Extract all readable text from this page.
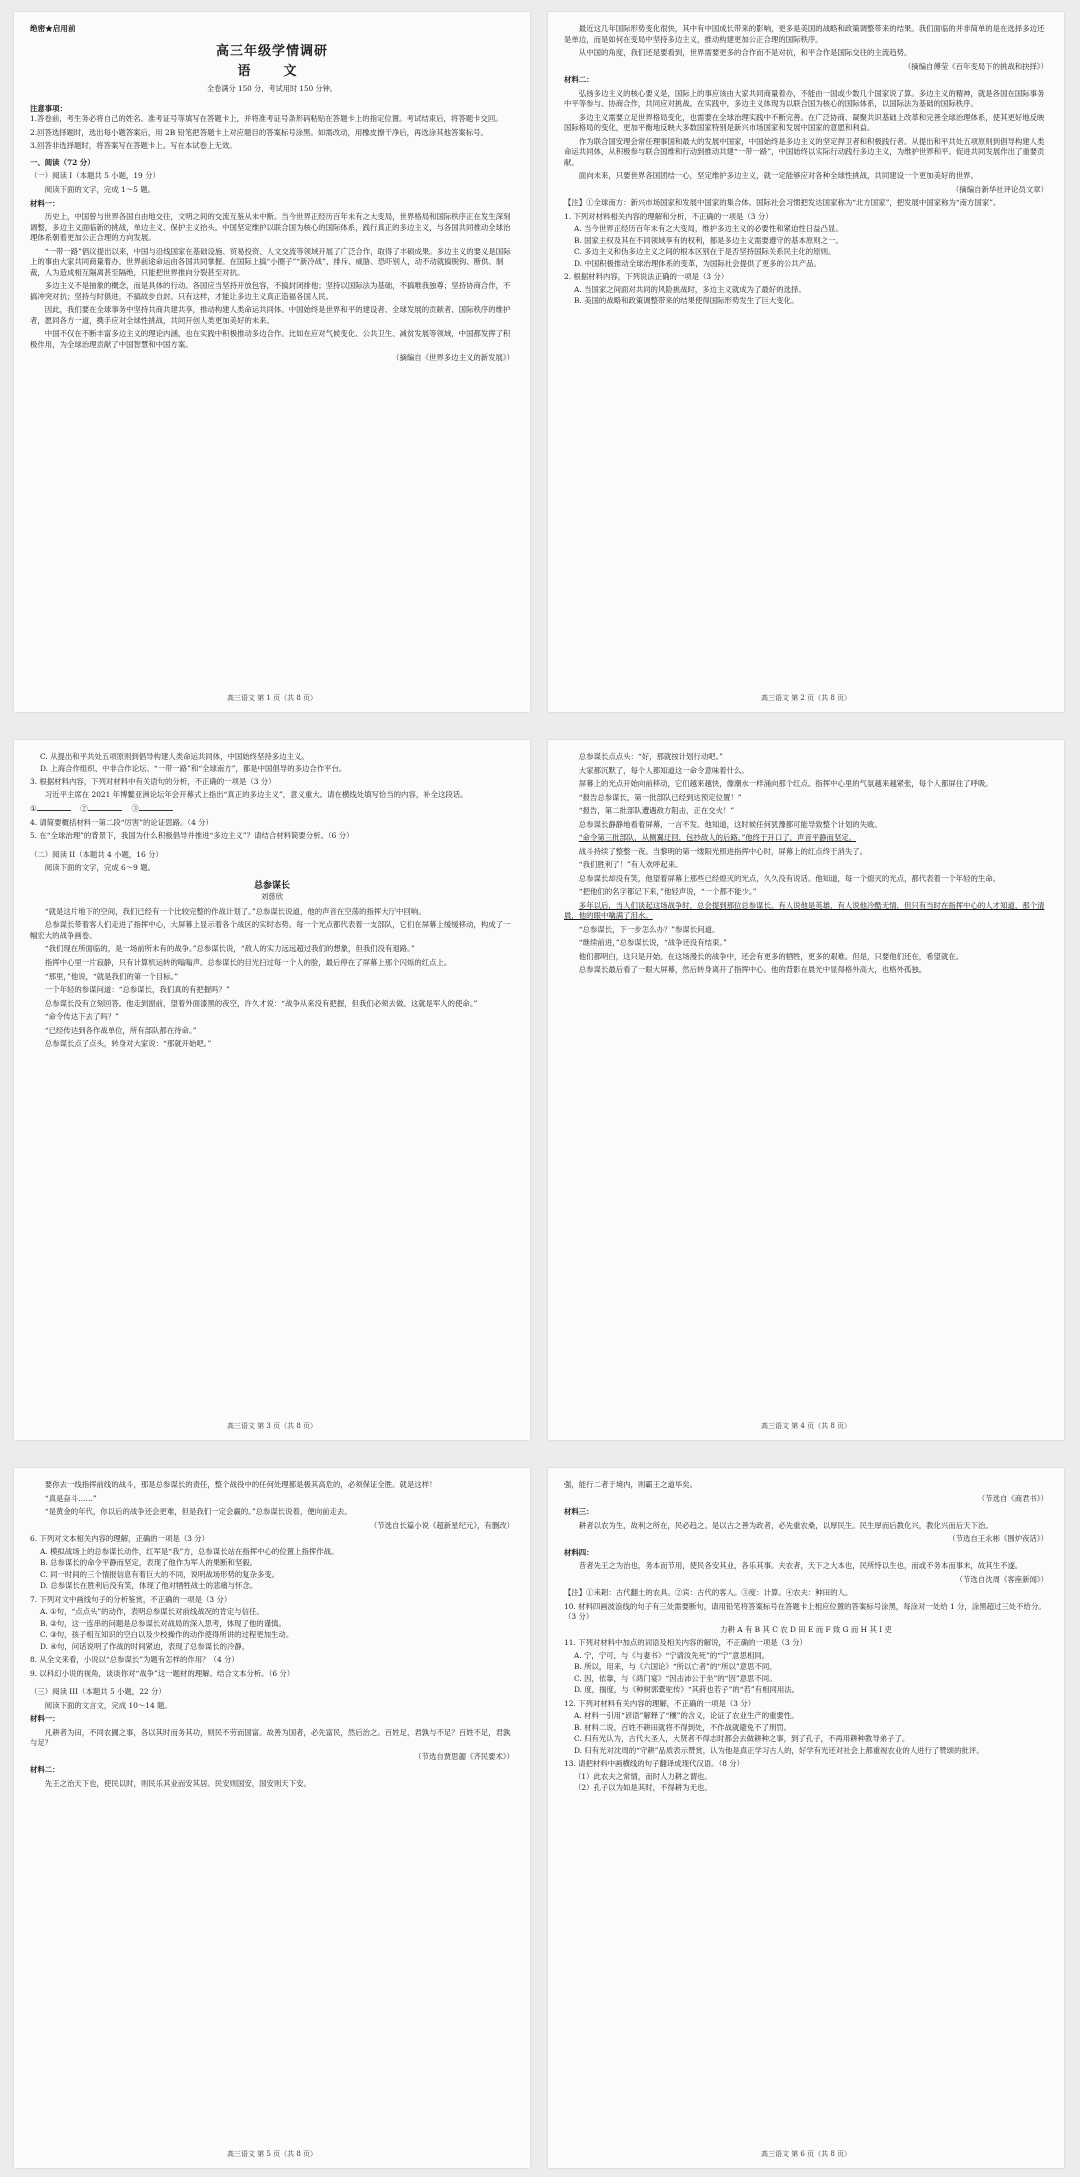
绝密★启用前
高三年级学情调研
语　文
全卷满分 150 分，考试用时 150 分钟。
注意事项：

1.答卷前，考生务必将自己的姓名、准考证号等填写在答题卡上，并将准考证号条形码粘贴在答题卡上的指定位置。考试结束后，将答题卡交回。

2.回答选择题时，选出每小题答案后，用 2B 铅笔把答题卡上对应题目的答案标号涂黑。如需改动，用橡皮擦干净后，再选涂其他答案标号。

3.回答非选择题时，将答案写在答题卡上。写在本试卷上无效。

一、阅读（72 分）

（一）阅读 I（本题共 5 小题，19 分）

阅读下面的文字，完成 1～5 题。

材料一：

历史上，中国曾与世界各国自由地交往，文明之间的交流互鉴从未中断。当今世界正经历百年未有之大变局，世界格局和国际秩序正在发生深刻调整，多边主义面临新的挑战，单边主义、保护主义抬头。中国坚定维护以联合国为核心的国际体系，践行真正的多边主义，与各国共同推动全球治理体系朝着更加公正合理的方向发展。

“一带一路”倡议提出以来，中国与沿线国家在基础设施、贸易投资、人文交流等领域开展了广泛合作，取得了丰硕成果。多边主义的要义是国际上的事由大家共同商量着办，世界前途命运由各国共同掌握。在国际上搞“小圈子”“新冷战”，排斥、威胁、恐吓别人，动不动就搞脱钩、断供、制裁，人为造成相互隔离甚至隔绝，只能把世界推向分裂甚至对抗。

多边主义不是抽象的概念，而是具体的行动。各国应当坚持开放包容，不搞封闭排他；坚持以国际法为基础，不搞唯我独尊；坚持协商合作，不搞冲突对抗；坚持与时俱进，不搞故步自封。只有这样，才能让多边主义真正造福各国人民。

因此，我们要在全球事务中坚持共商共建共享，推动构建人类命运共同体。中国始终是世界和平的建设者、全球发展的贡献者、国际秩序的维护者，愿同各方一道，携手应对全球性挑战，共同开创人类更加美好的未来。

中国不仅在不断丰富多边主义的理论内涵，也在实践中积极推动多边合作。比如在应对气候变化、公共卫生、减贫发展等领域，中国都发挥了积极作用，为全球治理贡献了中国智慧和中国方案。

（摘编自《世界多边主义的新发展》）

高三语文 第 1 页（共 8 页）

最近这几年国际形势变化很快，其中有中国成长带来的影响，更多是美国的战略和政策调整带来的结果。我们面临的并非简单的是在选择多边还是单边，而是如何在变局中坚持多边主义，推动构建更加公正合理的国际秩序。

从中国的角度，我们还是要看到，世界需要更多的合作而不是对抗，和平合作是国际交往的主流趋势。

（摘编自傅莹《百年变局下的挑战和抉择》）

材料二：

弘扬多边主义的核心要义是，国际上的事应该由大家共同商量着办，不能由一国或少数几个国家说了算。多边主义的精神，就是各国在国际事务中平等参与、协商合作，共同应对挑战。在实践中，多边主义体现为以联合国为核心的国际体系，以国际法为基础的国际秩序。

多边主义需要立足世界格局变化，也需要在全球治理实践中不断完善。在广泛协商、凝聚共识基础上改革和完善全球治理体系，使其更好地反映国际格局的变化，更加平衡地反映大多数国家特别是新兴市场国家和发展中国家的意愿和利益。

作为联合国安理会常任理事国和最大的发展中国家，中国始终是多边主义的坚定捍卫者和积极践行者。从提出和平共处五项原则到倡导构建人类命运共同体，从积极参与联合国维和行动到推动共建“一带一路”，中国始终以实际行动践行多边主义，为维护世界和平、促进共同发展作出了重要贡献。

面向未来，只要世界各国团结一心，坚定维护多边主义，就一定能够应对各种全球性挑战，共同建设一个更加美好的世界。

（摘编自新华社评论员文章）

【注】①全球南方：新兴市场国家和发展中国家的集合体。国际社会习惯把发达国家称为“北方国家”，把发展中国家称为“南方国家”。

1. 下列对材料相关内容的理解和分析，不正确的一项是（3 分）

A. 当今世界正经历百年未有之大变局，维护多边主义的必要性和紧迫性日益凸显。

B. 国家主权及其在不同领域享有的权利，都是多边主义需要遵守的基本原则之一。

C. 多边主义和伪多边主义之间的根本区别在于是否坚持国际关系民主化的原则。

D. 中国积极推动全球治理体系的变革，为国际社会提供了更多的公共产品。

2. 根据材料内容，下列说法正确的一项是（3 分）

A. 当国家之间面对共同的风险挑战时，多边主义就成为了最好的选择。

B. 美国的战略和政策调整带来的结果使得国际形势发生了巨大变化。

高三语文 第 2 页（共 8 页）

C. 从提出和平共处五项原则到倡导构建人类命运共同体，中国始终坚持多边主义。

D. 上海合作组织、中非合作论坛、“一带一路”和“全球南方”，都是中国倡导的多边合作平台。

3. 根据材料内容，下列对材料中有关语句的分析，不正确的一项是（3 分）

习近平主席在 2021 年博鳌亚洲论坛年会开幕式上指出“真正的多边主义”，意义重大。请在横线处填写恰当的内容，补全这段话。

①　	②　	③

4. 请简要概括材料一第二段“厉害”的论证思路。（4 分）

5. 在“全球治理”的背景下，我国为什么积极倡导并推进“多边主义”？请结合材料简要分析。（6 分）

（二）阅读 II（本题共 4 小题，16 分）

阅读下面的文字，完成 6～9 题。

总参谋长
刘慈欣

“就是这片地下的空间，我们已经有一个比较完整的作战计划了。”总参谋长说道，他的声音在空荡的指挥大厅中回响。

总参谋长带着客人们走进了指挥中心，大屏幕上显示着各个战区的实时态势。每一个光点都代表着一支部队，它们在屏幕上缓缓移动，构成了一幅宏大的战争画卷。

“我们现在所面临的，是一场前所未有的战争。”总参谋长说，“敌人的实力远远超过我们的想象，但我们没有退路。”

指挥中心里一片寂静，只有计算机运转的嗡嗡声。总参谋长的目光扫过每一个人的脸，最后停在了屏幕上那个闪烁的红点上。

“那里，”他说，“就是我们的第一个目标。”

一个年轻的参谋问道：“总参谋长，我们真的有把握吗？”

总参谋长没有立刻回答。他走到窗前，望着外面漆黑的夜空，许久才说：“战争从来没有把握，但我们必须去做。这就是军人的使命。”

“命令传达下去了吗？”

“已经传达到各作战单位，所有部队都在待命。”

总参谋长点了点头，转身对大家说：“那就开始吧。”

高三语文 第 3 页（共 8 页）

总参谋长点点头：“好，那就按计划行动吧。”

大家都沉默了，每个人都知道这一命令意味着什么。

屏幕上的光点开始向前移动，它们越来越快，像潮水一样涌向那个红点。指挥中心里的气氛越来越紧张，每个人都屏住了呼吸。

“报告总参谋长，第一批部队已经到达预定位置！”

“报告，第二批部队遭遇敌方阻击，正在交火！”

总参谋长静静地看着屏幕，一言不发。他知道，这时候任何犹豫都可能导致整个计划的失败。

“命令第三批部队，从侧翼迂回，包抄敌人的后路。”他终于开口了，声音平静而坚定。

战斗持续了整整一夜。当黎明的第一缕阳光照进指挥中心时，屏幕上的红点终于消失了。

“我们胜利了！”有人欢呼起来。

总参谋长却没有笑，他望着屏幕上那些已经熄灭的光点，久久没有说话。他知道，每一个熄灭的光点，都代表着一个年轻的生命。

“把他们的名字都记下来，”他轻声说，“一个都不能少。”

多年以后，当人们谈起这场战争时，总会提到那位总参谋长。有人说他是英雄，有人说他冷酷无情，但只有当时在指挥中心的人才知道，那个清晨，他的眼中噙满了泪水。

“总参谋长，下一步怎么办？”参谋长问道。

“继续前进，”总参谋长说，“战争还没有结束。”

他们都明白，这只是开始。在这场漫长的战争中，还会有更多的牺牲，更多的艰难。但是，只要他们还在，希望就在。

总参谋长最后看了一眼大屏幕，然后转身离开了指挥中心。他的背影在晨光中显得格外高大，也格外孤独。

高三语文 第 4 页（共 8 页）

要你去一线指挥前线的战斗，那是总参谋长的责任，整个战役中的任何处理都是极其高危的，必须保证全胜。就是这样！

“真是奋斗……”

“是黄金的年代，你以后的战争还会更难，但是我们一定会赢的。”总参谋长说着，便向前走去。

（节选自长篇小说《超新星纪元》，有删改）

6. 下列对文本相关内容的理解，正确的一项是（3 分）

A. 模拟战场上的总参谋长动作，红军是“我”方，总参谋长站在指挥中心的位置上指挥作战。

B. 总参谋长的命令平静而坚定，表现了他作为军人的果断和坚毅。

C. 同一时间的三个情报信息有着巨大的不同，说明战场形势的复杂多变。

D. 总参谋长在胜利后没有笑，体现了他对牺牲战士的悲痛与怀念。

7. 下列对文中画线句子的分析鉴赏，不正确的一项是（3 分）

A. ①句，“点点头”的动作，表明总参谋长对前线战况的肯定与信任。

B. ②句，这一连串的问题是总参谋长对战局的深入思考，体现了他的谨慎。

C. ③句，孩子相互知识的空白以及少校操作的动作使得所讲的过程更加生动。

D. ④句，问话说明了作战的时间紧迫，表现了总参谋长的冷静。

8. 从全文来看，小说以“总参谋长”为题有怎样的作用？（4 分）

9. 以科幻小说的视角，谈谈你对“战争”这一题材的理解。结合文本分析。（6 分）

（三）阅读 III（本题共 5 小题，22 分）

阅读下面的文言文，完成 10～14 题。

材料一：

凡耕者为田，不同农圃之事，各以其时而务其功，则民不劳而国富。故善为国者，必先富民，然后治之。百姓足，君孰与不足？百姓不足，君孰与足？

（节选自贾思勰《齐民要术》）

材料二：

先王之治天下也，使民以时，则民乐其业而安其居。民安则国安，国安则天下安。

高三语文 第 5 页（共 8 页）

强，能行二者于境内，则霸王之道毕矣。

（节选自《商君书》）

材料三：

耕者以农为生，故利之所在，民必趋之。是以古之善为政者，必先重农桑，以厚民生。民生厚而后教化兴，教化兴而后天下治。

（节选自王永彬《围炉夜话》）

材料四：

昔者先王之为治也，务本而节用，使民各安其业，各乐其事。夫农者，天下之大本也，民所恃以生也，而或不务本而事末，故其生不遂。

（节选自沈周《客座新闻》）

【注】①耒耜：古代翻土的农具。②宾：古代的客人。③度：计算。④农夫：种田的人。

10. 材料四画波浪线的句子有三处需要断句，请用铅笔将答案标号在答题卡上相应位置的答案标号涂黑，每涂对一处给 1 分，涂黑超过三处不给分。（3 分）

力耕 A 有 B 其 C 农 D 田 E 而 F 致 G 而 H 其 I 吏

11. 下列对材料中加点的词语及相关内容的解说，不正确的一项是（3 分）

A. 宁，宁可，与《与妻书》“宁请汝先死”的“宁”意思相同。

B. 所以，用来，与《六国论》“所以亡者”的“所以”意思不同。

C. 因，依靠，与《鸿门宴》“因击沛公于坐”的“因”意思不同。

D. 度，揣度，与《种树郭橐驼传》“其莳也若子”的“若”有相同用法。

12. 下列对材料有关内容的理解，不正确的一项是（3 分）

A. 材料一引用“谚语”解释了“穰”的含义，论证了农业生产的重要性。

B. 材料二说，百姓不耕田就将不得到处，不作战就避免不了刑罚。

C. 归有光认为，古代大圣人，大贤者不得志时都会去做耕种之事，到了孔子，不再用耕种教导弟子了。

D. 归有光对沈周的“守耕”品质表示赞赏，认为他是真正学习古人的，好学有光还对社会上都重视农业的人进行了赞颂的批评。

13. 请把材料中画横线的句子翻译成现代汉语。（8 分）

（1）此农夫之常情，而时人力耕之谓也。

（2）孔子以为如是其时，不得耕为无也。

高三语文 第 6 页（共 8 页）
